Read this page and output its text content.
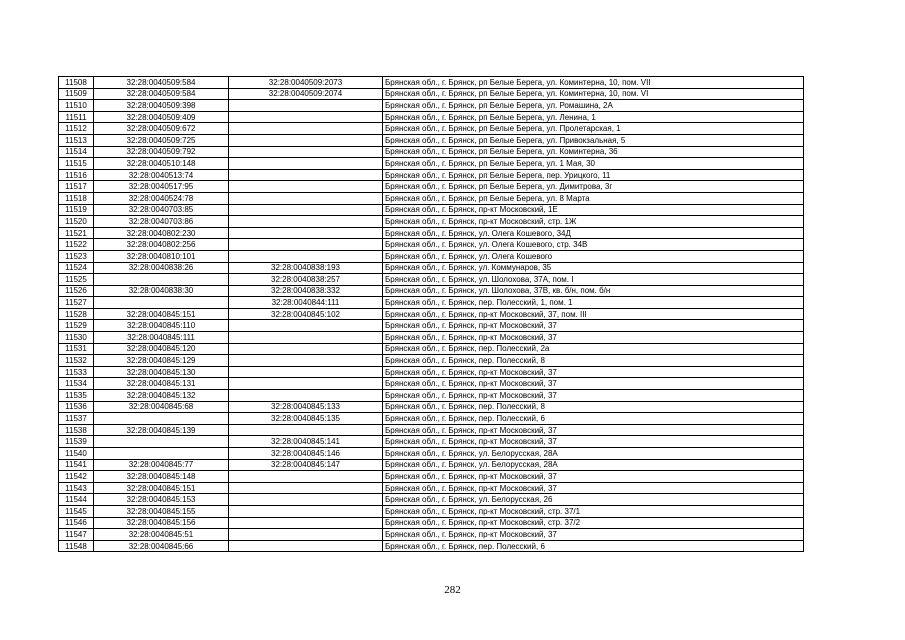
11508	32:28:0040509:584	32:28:0040509:2073	Брянская обл., г. Брянск, рп Белые Берега, ул. Коминтерна, 10, пом. VII
11509	32:28:0040509:584	32:28:0040509:2074	Брянская обл., г. Брянск, рп Белые Берега, ул. Коминтерна, 10, пом. VI
11510	32:28:0040509:398		Брянская обл., г. Брянск, рп Белые Берега, ул. Ромашина, 2А
11511	32:28:0040509:409		Брянская обл., г. Брянск, рп Белые Берега, ул. Ленина, 1
11512	32:28:0040509:672		Брянская обл., г. Брянск, рп Белые Берега, ул. Пролетарская, 1
11513	32:28:0040509:725		Брянская обл., г. Брянск, рп Белые Берега, ул. Привокзальная, 5
11514	32:28:0040509:792		Брянская обл., г. Брянск, рп Белые Берега, ул. Коминтерна, 36
11515	32:28:0040510:148		Брянская обл., г. Брянск, рп Белые Берега, ул. 1 Мая, 30
11516	32:28:0040513:74		Брянская обл., г. Брянск, рп Белые Берега, пер. Урицкого, 11
11517	32:28:0040517:95		Брянская обл., г. Брянск, рп Белые Берега, ул. Димитрова, 3г
11518	32:28:0040524:78		Брянская обл., г. Брянск, рп Белые Берега, ул. 8 Марта
11519	32:28:0040703:85		Брянская обл., г. Брянск, пр-кт Московский, 1Е
11520	32:28:0040703:86		Брянская обл., г. Брянск, пр-кт Московский, стр. 1Ж
11521	32:28:0040802:230		Брянская обл., г. Брянск, ул. Олега Кошевого, 34Д
11522	32:28:0040802:256		Брянская обл., г. Брянск, ул. Олега Кошевого, стр. 34В
11523	32:28:0040810:101		Брянская обл., г. Брянск, ул. Олега Кошевого
11524	32:28:0040838:26	32:28:0040838:193	Брянская обл., г. Брянск, ул. Коммунаров, 35
11525		32:28:0040838:257	Брянская обл., г. Брянск, ул. Шолохова, 37А, пом. I
11526	32:28:0040838:30	32:28:0040838:332	Брянская обл., г. Брянск, ул. Шолохова, 37В, кв. б/н, пом. б/н
11527		32:28:0040844:111	Брянская обл., г. Брянск, пер. Полесский, 1, пом. 1
11528	32:28:0040845:151	32:28:0040845:102	Брянская обл., г. Брянск, пр-кт Московский, 37, пом. III
11529	32:28:0040845:110		Брянская обл., г. Брянск, пр-кт Московский, 37
11530	32:28:0040845:111		Брянская обл., г. Брянск, пр-кт Московский, 37
11531	32:28:0040845:120		Брянская обл., г. Брянск, пер. Полесский, 2а
11532	32:28:0040845:129		Брянская обл., г. Брянск, пер. Полесский, 8
11533	32:28:0040845:130		Брянская обл., г. Брянск, пр-кт Московский, 37
11534	32:28:0040845:131		Брянская обл., г. Брянск, пр-кт Московский, 37
11535	32:28:0040845:132		Брянская обл., г. Брянск, пр-кт Московский, 37
11536	32:28:0040845:68	32:28:0040845:133	Брянская обл., г. Брянск, пер. Полесский, 8
11537		32:28:0040845:135	Брянская обл., г. Брянск, пер. Полесский, 6
11538	32:28:0040845:139		Брянская обл., г. Брянск, пр-кт Московский, 37
11539		32:28:0040845:141	Брянская обл., г. Брянск, пр-кт Московский, 37
11540		32:28:0040845:146	Брянская обл., г. Брянск, ул. Белорусская, 28А
11541	32:28:0040845:77	32:28:0040845:147	Брянская обл., г. Брянск, ул. Белорусская, 28А
11542	32:28:0040845:148		Брянская обл., г. Брянск, пр-кт Московский, 37
11543	32:28:0040845:151		Брянская обл., г. Брянск, пр-кт Московский, 37
11544	32:28:0040845:153		Брянская обл., г. Брянск, ул. Белорусская, 26
11545	32:28:0040845:155		Брянская обл., г. Брянск, пр-кт Московский, стр. 37/1
11546	32:28:0040845:156		Брянская обл., г. Брянск, пр-кт Московский, стр. 37/2
11547	32:28:0040845:51		Брянская обл., г. Брянск, пр-кт Московский, 37
11548	32:28:0040845:66		Брянская обл., г. Брянск, пер. Полесский, 6
282
